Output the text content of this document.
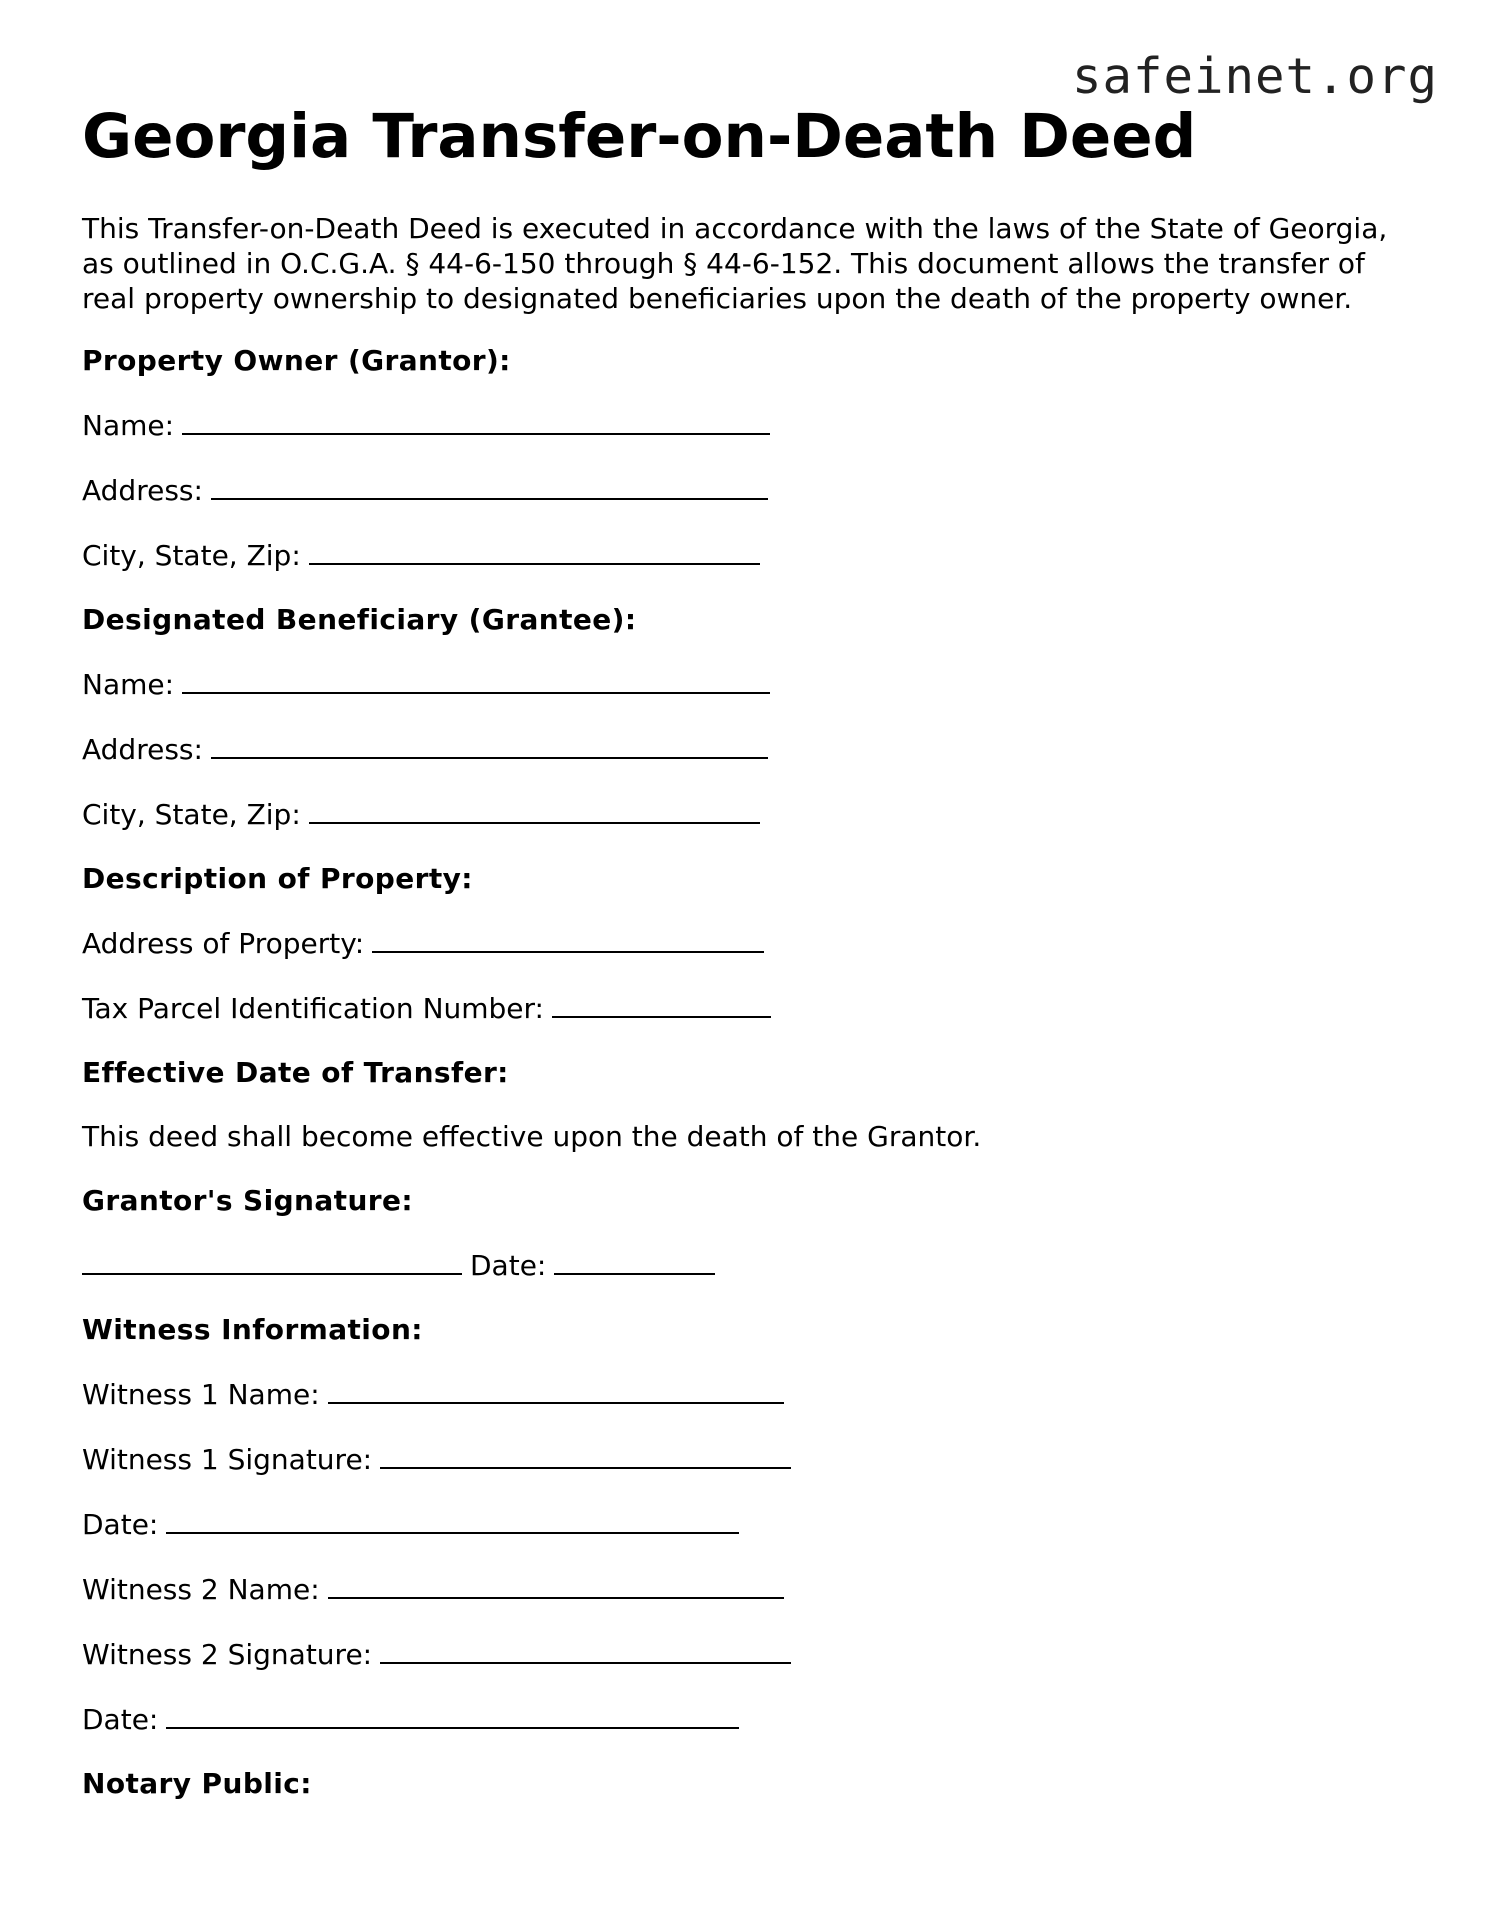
safeinet.org
Georgia Transfer-on-Death Deed

This Transfer-on-Death Deed is executed in accordance with the laws of the State of Georgia, as outlined in O.C.G.A. § 44-6-150 through § 44-6-152. This document allows the transfer of real property ownership to designated beneficiaries upon the death of the property owner.

Property Owner (Grantor):
Name:
Address:
City, State, Zip:
Designated Beneficiary (Grantee):
Name:
Address:
City, State, Zip:
Description of Property:
Address of Property:
Tax Parcel Identification Number:
Effective Date of Transfer:
This deed shall become effective upon the death of the Grantor.
Grantor's Signature:
Date:
Witness Information:
Witness 1 Name:
Witness 1 Signature:
Date:
Witness 2 Name:
Witness 2 Signature:
Date:
Notary Public:
